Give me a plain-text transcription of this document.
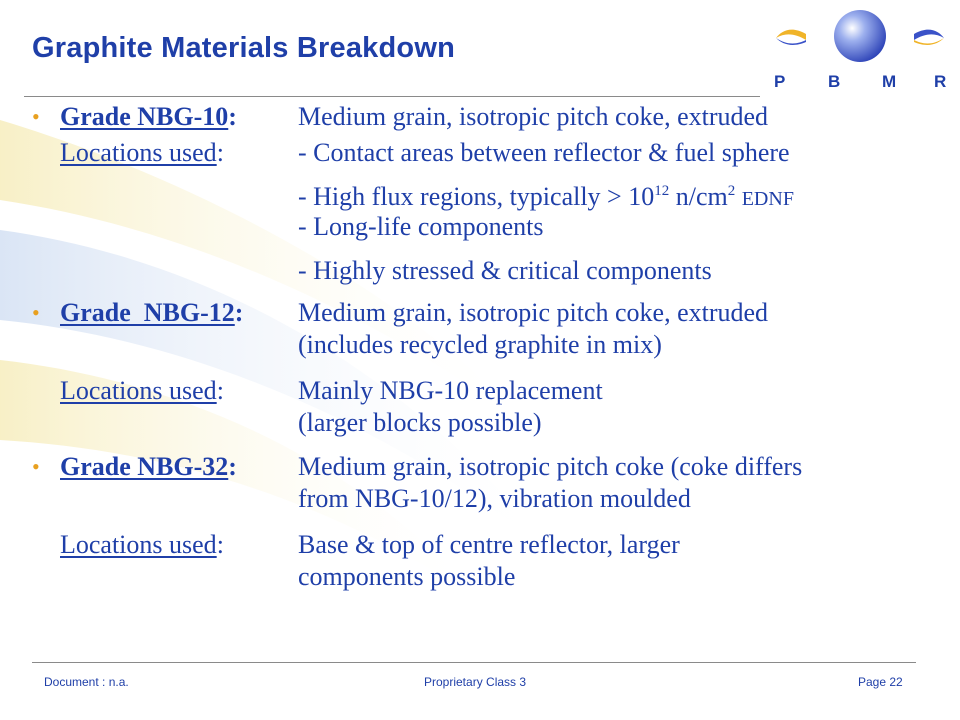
Graphite Materials Breakdown
P	B M R
• Grade NBG-10: Medium grain, isotropic pitch coke, extruded
Locations used:	- Contact areas between reflector & fuel sphere
- High flux regions, typically > $10^{12}$ $n/cm^2$ EDNF
- Long-life components
- Highly stressed & critical components
• Grade  NBG-12: Medium grain, isotropic pitch coke, extruded
(includes recycled graphite in mix)
Locations used:	Mainly NBG-10 replacement
(larger blocks possible)
• Grade NBG-32: Medium grain, isotropic pitch coke (coke differs
from NBG-10/12), vibration moulded
Locations used:	Base & top of centre reflector, larger
components possible
Document : n.a.	Proprietary Class 3	Page 22
